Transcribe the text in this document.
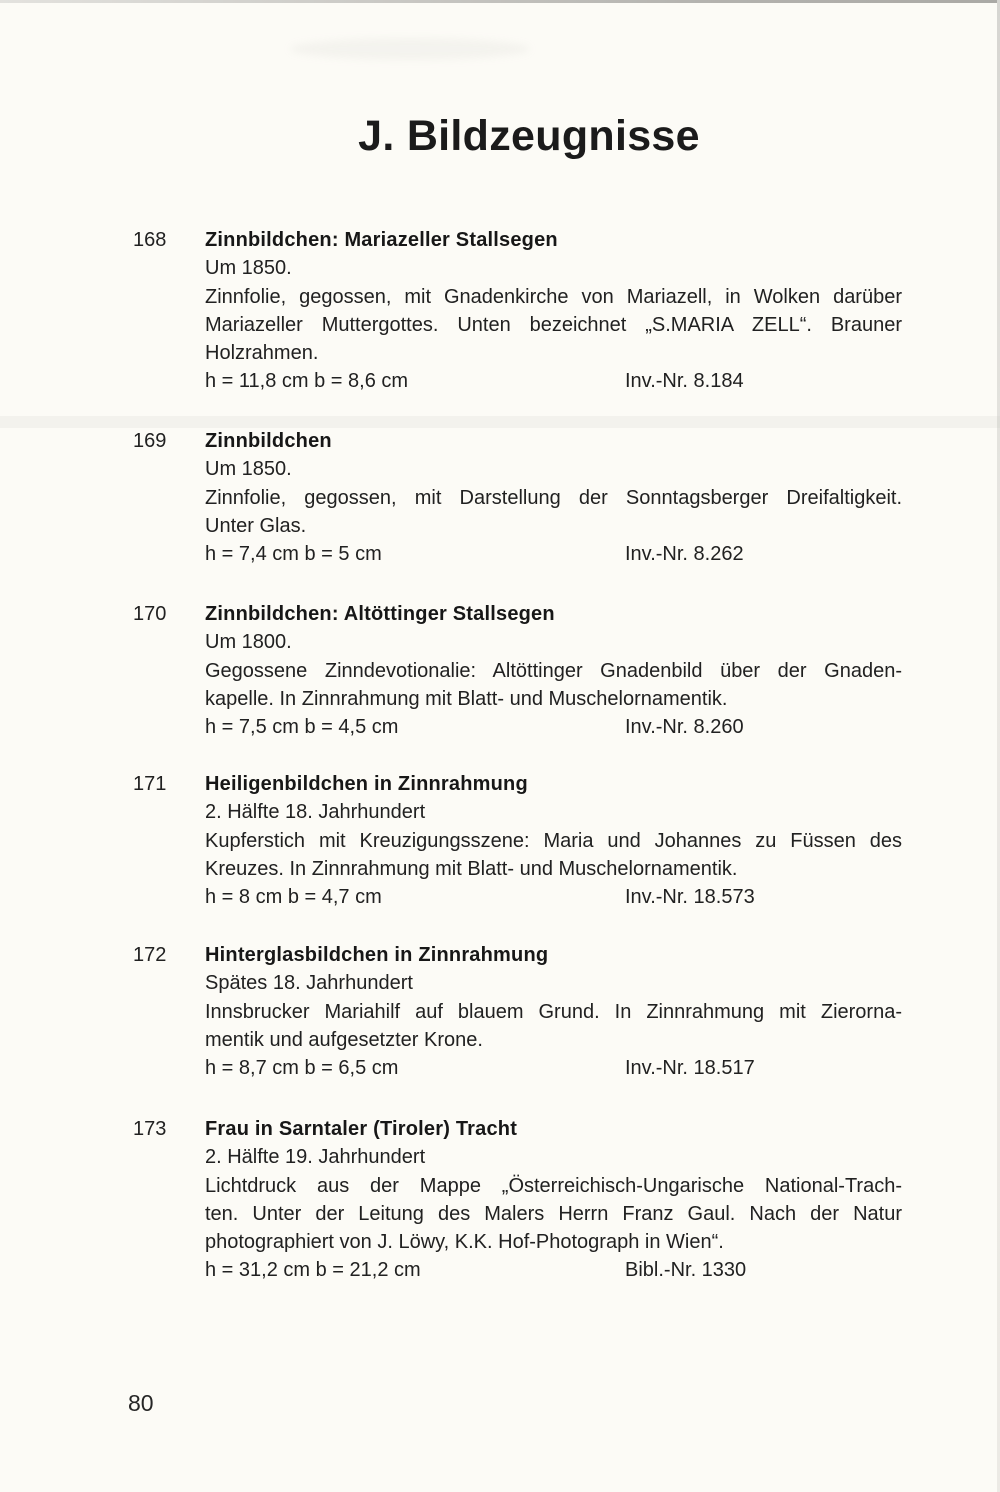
J. Bildzeugnisse
168 Zinnbildchen: Mariazeller Stallsegen
Um 1850.
Zinnfolie, gegossen, mit Gnadenkirche von Mariazell, in Wolken darüber
Mariazeller Muttergottes. Unten bezeichnet „S.MARIA ZELL“. Brauner
Holzrahmen.
h = 11,8 cm b = 8,6 cm	Inv.-Nr. 8.184
169 Zinnbildchen
Um 1850.
Zinnfolie, gegossen, mit Darstellung der Sonntagsberger Dreifaltigkeit.
Unter Glas.
h = 7,4 cm b = 5 cm	Inv.-Nr. 8.262
170 Zinnbildchen: Altöttinger Stallsegen
Um 1800.
Gegossene Zinndevotionalie: Altöttinger Gnadenbild über der Gnaden-
kapelle. In Zinnrahmung mit Blatt- und Muschelornamentik.
h = 7,5 cm b = 4,5 cm	Inv.-Nr. 8.260
171 Heiligenbildchen in Zinnrahmung
2. Hälfte 18. Jahrhundert
Kupferstich mit Kreuzigungsszene: Maria und Johannes zu Füssen des
Kreuzes. In Zinnrahmung mit Blatt- und Muschelornamentik.
h = 8 cm b = 4,7 cm	Inv.-Nr. 18.573
172 Hinterglasbildchen in Zinnrahmung
Spätes 18. Jahrhundert
Innsbrucker Mariahilf auf blauem Grund. In Zinnrahmung mit Zierorna-
mentik und aufgesetzter Krone.
h = 8,7 cm b = 6,5 cm	Inv.-Nr. 18.517
173 Frau in Sarntaler (Tiroler) Tracht
2. Hälfte 19. Jahrhundert
Lichtdruck aus der Mappe „Österreichisch-Ungarische National-Trach-
ten. Unter der Leitung des Malers Herrn Franz Gaul. Nach der Natur
photographiert von J. Löwy, K.K. Hof-Photograph in Wien“.
h = 31,2 cm b = 21,2 cm	Bibl.-Nr. 1330
80
